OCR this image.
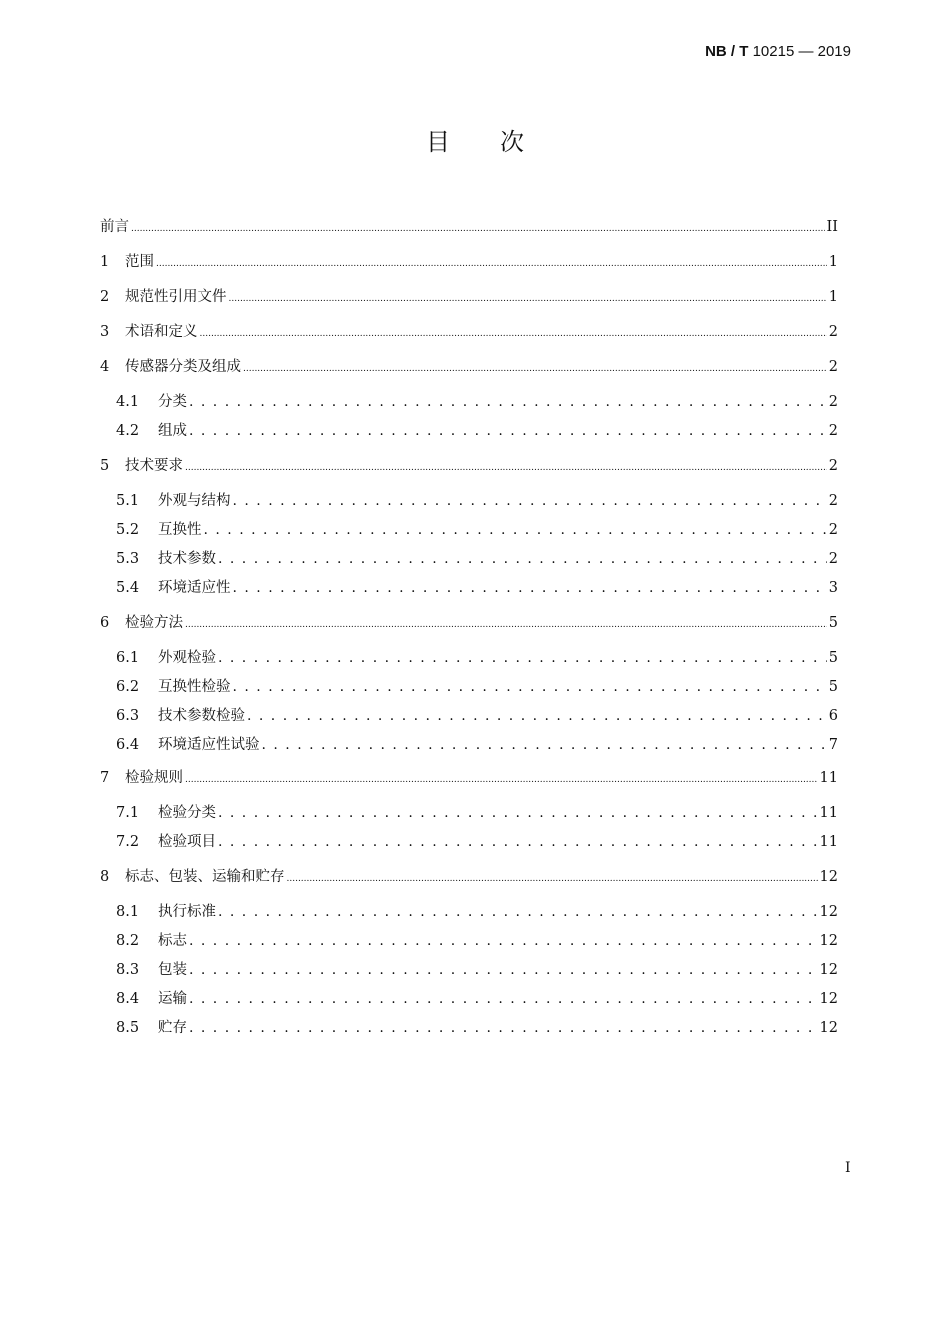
NB / T 10215 — 2019
目次
前言 .....	II
1	范围 .....	1
2	规范性引用文件 .....	1
3	术语和定义 .....	2
4	传感器分类及组成 .....	2
4.1	分类 . . .	2
4.2	组成 . . .	2
5	技术要求 .....	2
5.1	外观与结构 . . .	2
5.2	互换性 . . .	2
5.3	技术参数 . . .	2
5.4	环境适应性 . . .	3
6	检验方法 .....	5
6.1	外观检验 . . .	5
6.2	互换性检验 . . .	5
6.3	技术参数检验 . . .	6
6.4	环境适应性试验 . . .	7
7	检验规则 .....	11
7.1	检验分类 . . .	11
7.2	检验项目 . . .	11
8	标志、包装、运输和贮存 .....	12
8.1	执行标准 . . .	12
8.2	标志 . . .	12
8.3	包装 . . .	12
8.4	运输 . . .	12
8.5	贮存 . . .	12
I
